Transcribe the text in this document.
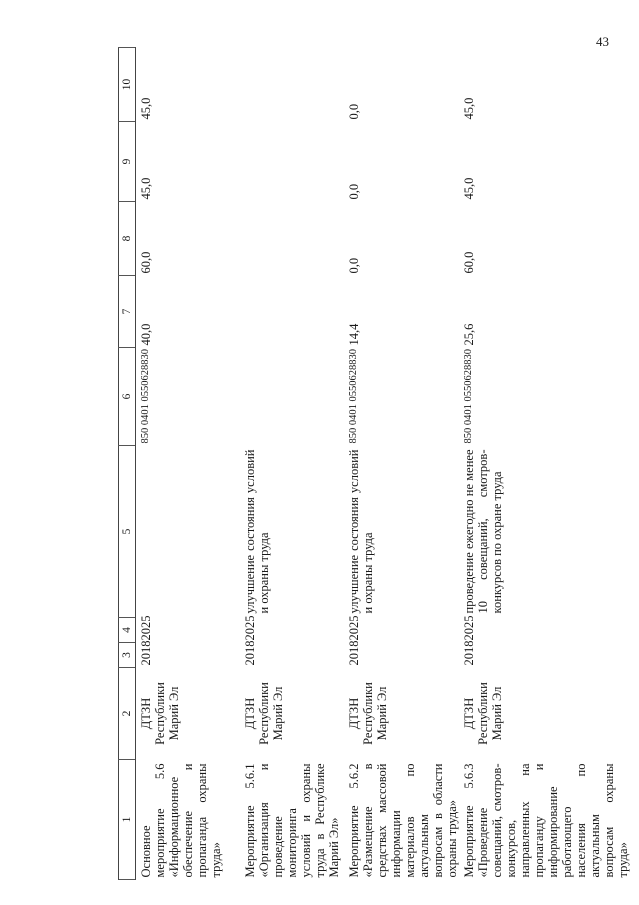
43
1	2	3	4	5	6	7	8	9	10
Основное мероприятие 5.6 «Информационное обеспечение и пропаганда охраны труда»	ДТЗН Республики Марий Эл	2018	2025		850 0401 0550628830	40,0	60,0	45,0	45,0
Мероприятие 5.6.1 «Организация и проведение мониторинга условий и охраны труда в Республике Марий Эл»	ДТЗН Республики Марий Эл	2018	2025	улучшение состояния условий и охраны труда					
Мероприятие 5.6.2 «Размещение в средствах массовой информации материалов по актуальным вопросам в области охраны труда»	ДТЗН Республики Марий Эл	2018	2025	улучшение состояния условий и охраны труда	850 0401 0550628830	14,4	0,0	0,0	0,0
Мероприятие 5.6.3 «Проведение совещаний, смотров-конкурсов, направленных на пропаганду и информирование работающего населения по актуальным вопросам охраны труда»	ДТЗН Республики Марий Эл	2018	2025	проведение ежегодно не менее 10 совещаний, смотров-конкурсов по охране труда	850 0401 0550628830	25,6	60,0	45,0	45,0
